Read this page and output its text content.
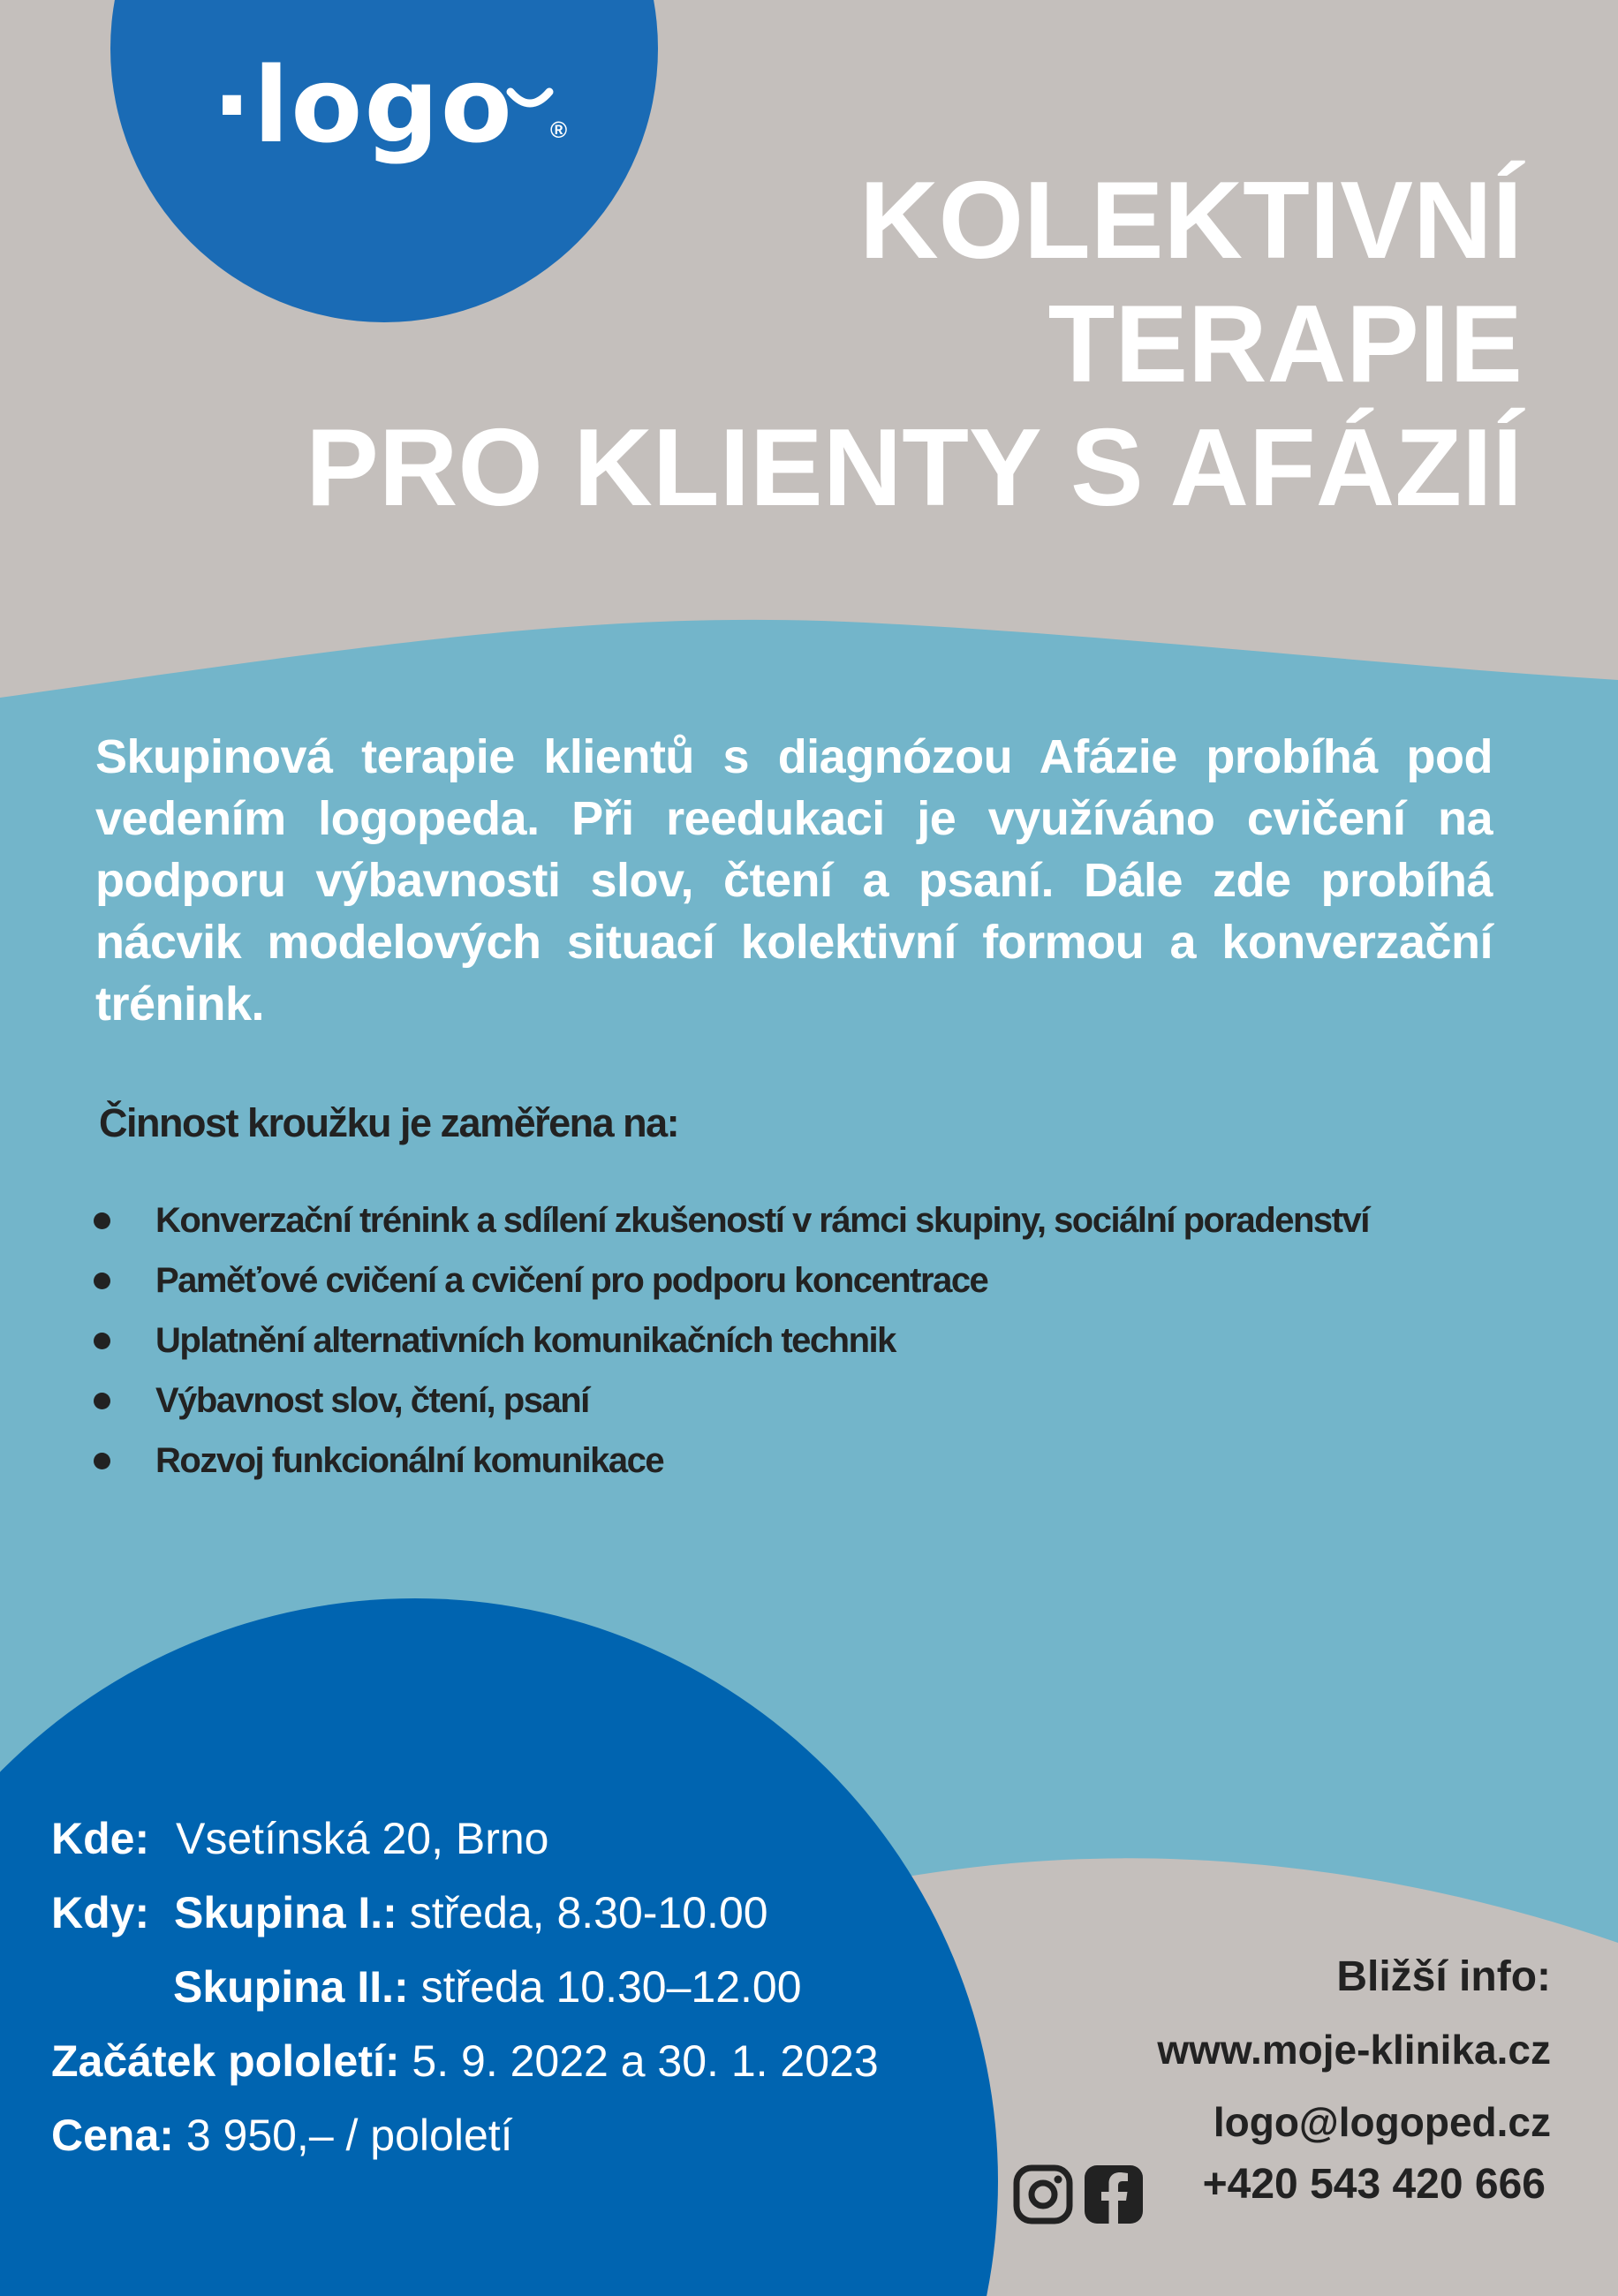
·logo ®
KOLEKTIVNÍ
TERAPIE
PRO KLIENTY S AFÁZIÍ
Skupinová terapie klientů s diagnózou Afázie probíhá pod vedením logopeda. Při reedukaci je využíváno cvičení na podporu výbavnosti slov, čtení a psaní. Dále zde probíhá nácvik modelových situací kolektivní formou a konverzační trénink.
Činnost kroužku je zaměřena na:
Konverzační trénink a sdílení zkušeností v rámci skupiny, sociální poradenství
Paměťové cvičení a cvičení pro podporu koncentrace
Uplatnění alternativních komunikačních technik
Výbavnost slov, čtení, psaní
Rozvoj funkcionální komunikace
Kde: Vsetínská 20, Brno
Kdy: Skupina I.: středa, 8.30-10.00
Skupina II.: středa 10.30–12.00
Začátek pololetí: 5. 9. 2022 a 30. 1. 2023
Cena: 3 950,– / pololetí
Bližší info:
www.moje-klinika.cz
logo@logoped.cz
+420 543 420 666
